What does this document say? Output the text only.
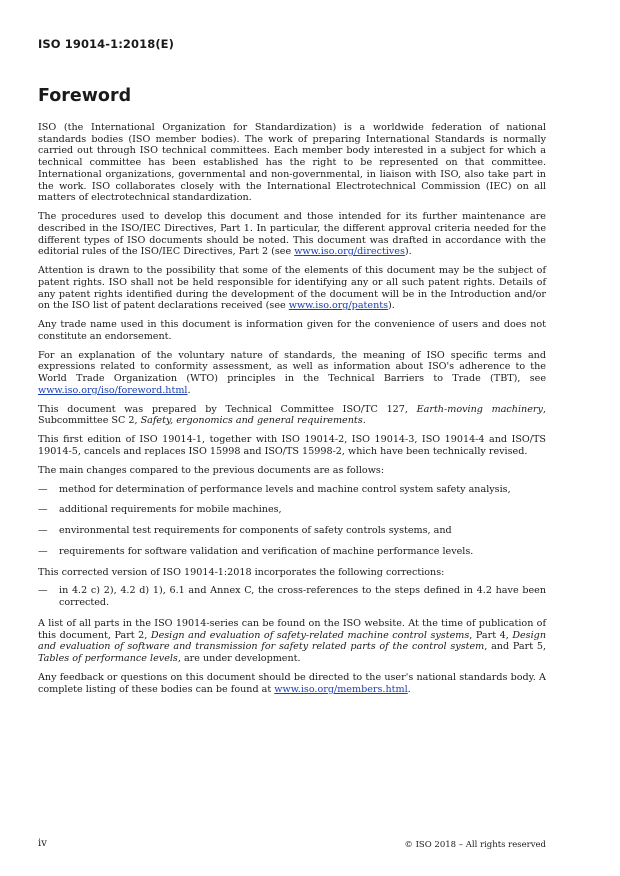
ISO 19014-1:2018(E)
Foreword

ISO (the International Organization for Standardization) is a worldwide federation of national standards bodies (ISO member bodies). The work of preparing International Standards is normally carried out through ISO technical committees. Each member body interested in a subject for which a technical committee has been established has the right to be represented on that committee. International organizations, governmental and non-governmental, in liaison with ISO, also take part in the work. ISO collaborates closely with the International Electrotechnical Commission (IEC) on all matters of electrotechnical standardization.

The procedures used to develop this document and those intended for its further maintenance are described in the ISO/IEC Directives, Part 1. In particular, the different approval criteria needed for the different types of ISO documents should be noted. This document was drafted in accordance with the editorial rules of the ISO/IEC Directives, Part 2 (see www.iso.org/directives).

Attention is drawn to the possibility that some of the elements of this document may be the subject of patent rights. ISO shall not be held responsible for identifying any or all such patent rights. Details of any patent rights identified during the development of the document will be in the Introduction and/or on the ISO list of patent declarations received (see www.iso.org/patents).

Any trade name used in this document is information given for the convenience of users and does not constitute an endorsement.

For an explanation of the voluntary nature of standards, the meaning of ISO specific terms and expressions related to conformity assessment, as well as information about ISO's adherence to the World Trade Organization (WTO) principles in the Technical Barriers to Trade (TBT), see www.iso.org/iso/foreword.html.

This document was prepared by Technical Committee ISO/TC 127, Earth-moving machinery, Subcommittee SC 2, Safety, ergonomics and general requirements.

This first edition of ISO 19014-1, together with ISO 19014-2, ISO 19014-3, ISO 19014-4 and ISO/TS 19014-5, cancels and replaces ISO 15998 and ISO/TS 15998-2, which have been technically revised.

The main changes compared to the previous documents are as follows:

—	method for determination of performance levels and machine control system safety analysis,
—	additional requirements for mobile machines,
—	environmental test requirements for components of safety controls systems, and
—	requirements for software validation and verification of machine performance levels.

This corrected version of ISO 19014-1:2018 incorporates the following corrections:

—	in 4.2 c) 2), 4.2 d) 1), 6.1 and Annex C, the cross-references to the steps defined in 4.2 have been corrected.

A list of all parts in the ISO 19014-series can be found on the ISO website. At the time of publication of this document, Part 2, Design and evaluation of safety-related machine control systems, Part 4, Design and evaluation of software and transmission for safety related parts of the control system, and Part 5, Tables of performance levels, are under development.

Any feedback or questions on this document should be directed to the user's national standards body. A complete listing of these bodies can be found at www.iso.org/members.html.

iv	© ISO 2018 – All rights reserved
